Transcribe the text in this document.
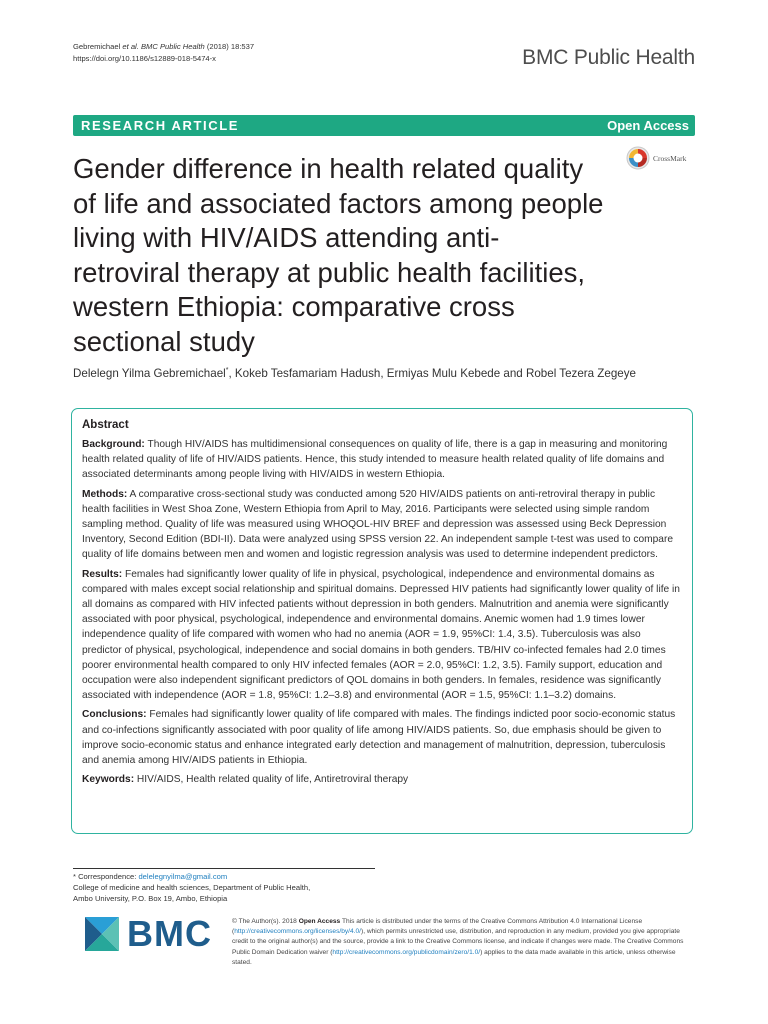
Gebremichael et al. BMC Public Health (2018) 18:537
https://doi.org/10.1186/s12889-018-5474-x	BMC Public Health
RESEARCH ARTICLE	Open Access
Gender difference in health related quality
of life and associated factors among people
living with HIV/AIDS attending anti-
retroviral therapy at public health facilities,
western Ethiopia: comparative cross
sectional study
CrossMark
Delelegn Yilma Gebremichael*, Kokeb Tesfamariam Hadush, Ermiyas Mulu Kebede and Robel Tezera Zegeye
Abstract

Background: Though HIV/AIDS has multidimensional consequences on quality of life, there is a gap in measuring and monitoring health related quality of life of HIV/AIDS patients. Hence, this study intended to measure health related quality of life domains and associated determinants among people living with HIV/AIDS in western Ethiopia.

Methods: A comparative cross-sectional study was conducted among 520 HIV/AIDS patients on anti-retroviral therapy in public health facilities in West Shoa Zone, Western Ethiopia from April to May, 2016. Participants were selected using simple random sampling method. Quality of life was measured using WHOQOL-HIV BREF and depression was assessed using Beck Depression Inventory, Second Edition (BDI-II). Data were analyzed using SPSS version 22. An independent sample t-test was used to compare quality of life domains between men and women and logistic regression analysis was used to determine independent predictors.

Results: Females had significantly lower quality of life in physical, psychological, independence and environmental domains as compared with males except social relationship and spiritual domains. Depressed HIV patients had significantly lower quality of life in all domains as compared with HIV infected patients without depression in both genders. Malnutrition and anemia were significantly associated with poor physical, psychological, independence and environmental domains. Anemic women had 1.9 times lower independence quality of life compared with women who had no anemia (AOR = 1.9, 95%CI: 1.4, 3.5). Tuberculosis was also predictor of physical, psychological, independence and social domains in both genders. TB/HIV co-infected females had 2.0 times poorer environmental health compared to only HIV infected females (AOR = 2.0, 95%CI: 1.2, 3.5). Family support, education and occupation were also independent significant predictors of QOL domains in both genders. In females, residence was significantly associated with independence (AOR = 1.8, 95%CI: 1.2–3.8) and environmental (AOR = 1.5, 95%CI: 1.1–3.2) domains.

Conclusions: Females had significantly lower quality of life compared with males. The findings indicted poor socio-economic status and co-infections significantly associated with poor quality of life among HIV/AIDS patients. So, due emphasis should be given to improve socio-economic status and enhance integrated early detection and management of malnutrition, depression, tuberculosis and anemia among HIV/AIDS patients in Ethiopia.

Keywords: HIV/AIDS, Health related quality of life, Antiretroviral therapy

* Correspondence: delelegnyilma@gmail.com
College of medicine and health sciences, Department of Public Health,
Ambo University, P.O. Box 19, Ambo, Ethiopia
BMC	© The Author(s). 2018 Open Access This article is distributed under the terms of the Creative Commons Attribution 4.0 International License (http://creativecommons.org/licenses/by/4.0/), which permits unrestricted use, distribution, and reproduction in any medium, provided you give appropriate credit to the original author(s) and the source, provide a link to the Creative Commons license, and indicate if changes were made. The Creative Commons Public Domain Dedication waiver (http://creativecommons.org/publicdomain/zero/1.0/) applies to the data made available in this article, unless otherwise stated.
